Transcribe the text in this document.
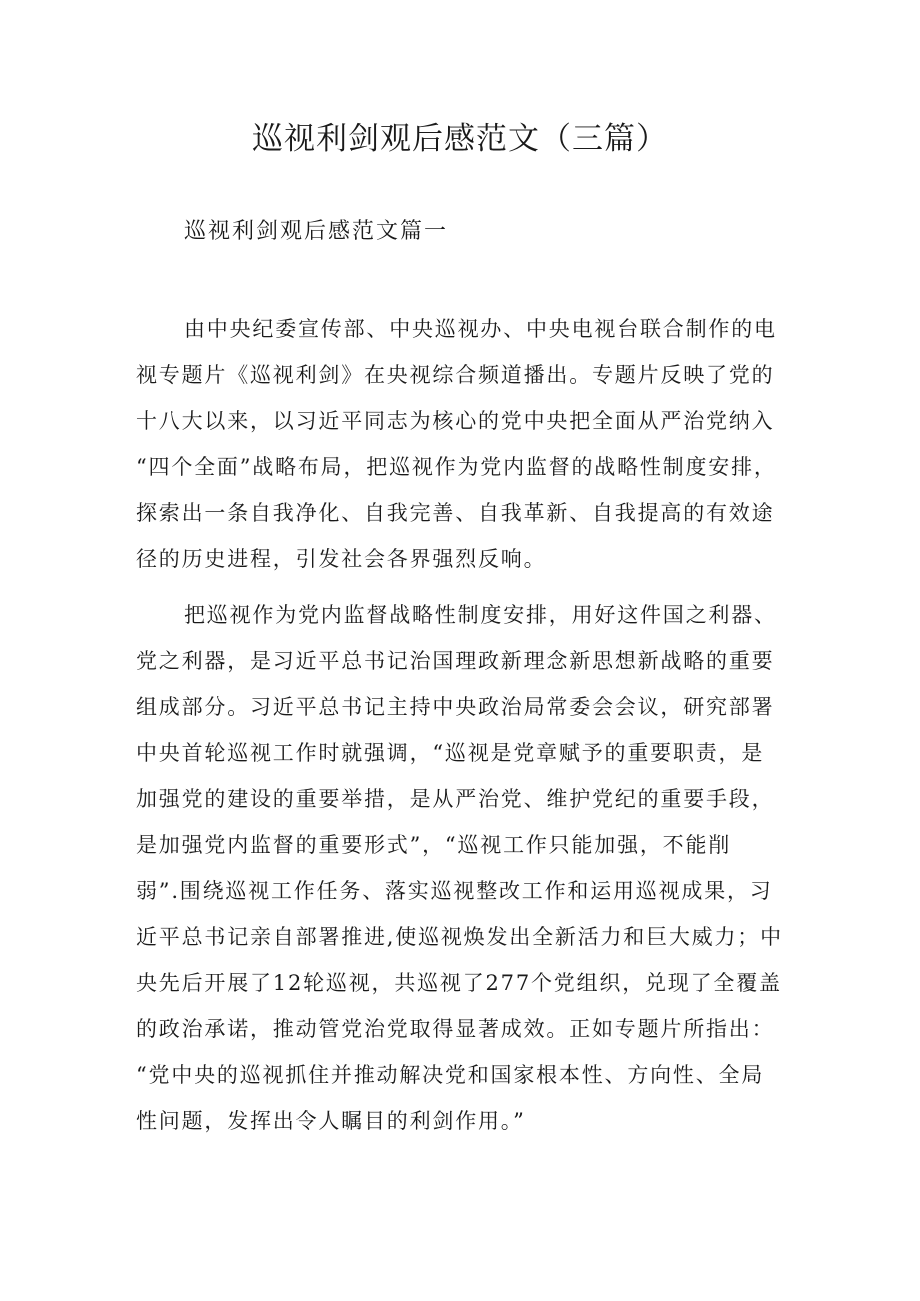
巡视利剑观后感范文（三篇）
巡视利剑观后感范文篇一
由中央纪委宣传部、中央巡视办、中央电视台联合制作的电
视专题片《巡视利剑》在央视综合频道播出。专题片反映了党的
十八大以来，以习近平同志为核心的党中央把全面从严治党纳入
“四个全面”战略布局，把巡视作为党内监督的战略性制度安排，
探索出一条自我净化、自我完善、自我革新、自我提高的有效途
径的历史进程，引发社会各界强烈反响。
把巡视作为党内监督战略性制度安排，用好这件国之利器、
党之利器，是习近平总书记治国理政新理念新思想新战略的重要
组成部分。习近平总书记主持中央政治局常委会会议，研究部署
中央首轮巡视工作时就强调，“巡视是党章赋予的重要职责，是
加强党的建设的重要举措，是从严治党、维护党纪的重要手段，
是加强党内监督的重要形式”，“巡视工作只能加强，不能削
弱”.围绕巡视工作任务、落实巡视整改工作和运用巡视成果，习
近平总书记亲自部署推进,使巡视焕发出全新活力和巨大威力；中
央先后开展了12轮巡视，共巡视了277个党组织，兑现了全覆盖
的政治承诺，推动管党治党取得显著成效。正如专题片所指出：
“党中央的巡视抓住并推动解决党和国家根本性、方向性、全局
性问题，发挥出令人瞩目的利剑作用。”
